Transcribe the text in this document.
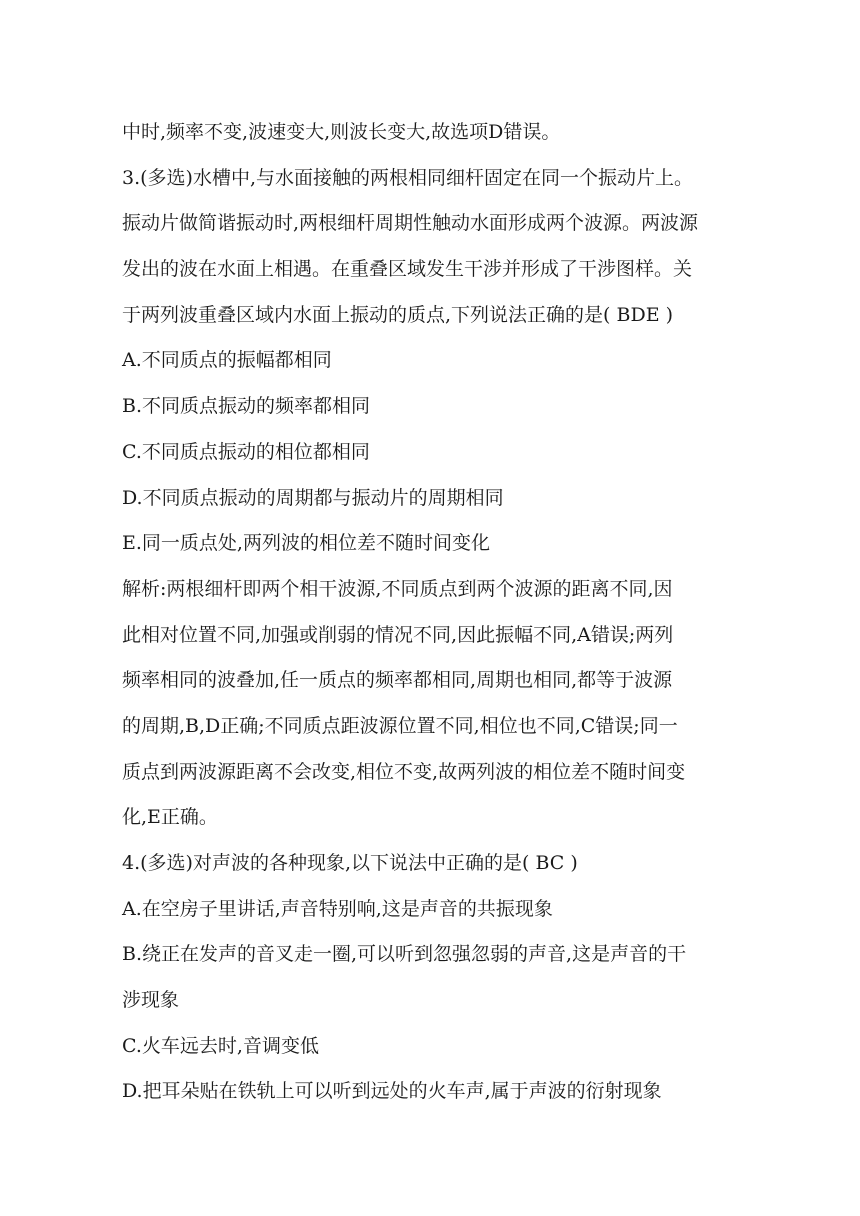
中时,频率不变,波速变大,则波长变大,故选项D错误。
3.(多选)水槽中,与水面接触的两根相同细杆固定在同一个振动片上。
振动片做简谐振动时,两根细杆周期性触动水面形成两个波源。两波源
发出的波在水面上相遇。在重叠区域发生干涉并形成了干涉图样。关
于两列波重叠区域内水面上振动的质点,下列说法正确的是( BDE )
A.不同质点的振幅都相同
B.不同质点振动的频率都相同
C.不同质点振动的相位都相同
D.不同质点振动的周期都与振动片的周期相同
E.同一质点处,两列波的相位差不随时间变化
解析:两根细杆即两个相干波源,不同质点到两个波源的距离不同,因
此相对位置不同,加强或削弱的情况不同,因此振幅不同,A错误;两列
频率相同的波叠加,任一质点的频率都相同,周期也相同,都等于波源
的周期,B,D正确;不同质点距波源位置不同,相位也不同,C错误;同一
质点到两波源距离不会改变,相位不变,故两列波的相位差不随时间变
化,E正确。
4.(多选)对声波的各种现象,以下说法中正确的是( BC )
A.在空房子里讲话,声音特别响,这是声音的共振现象
B.绕正在发声的音叉走一圈,可以听到忽强忽弱的声音,这是声音的干
涉现象
C.火车远去时,音调变低
D.把耳朵贴在铁轨上可以听到远处的火车声,属于声波的衍射现象
